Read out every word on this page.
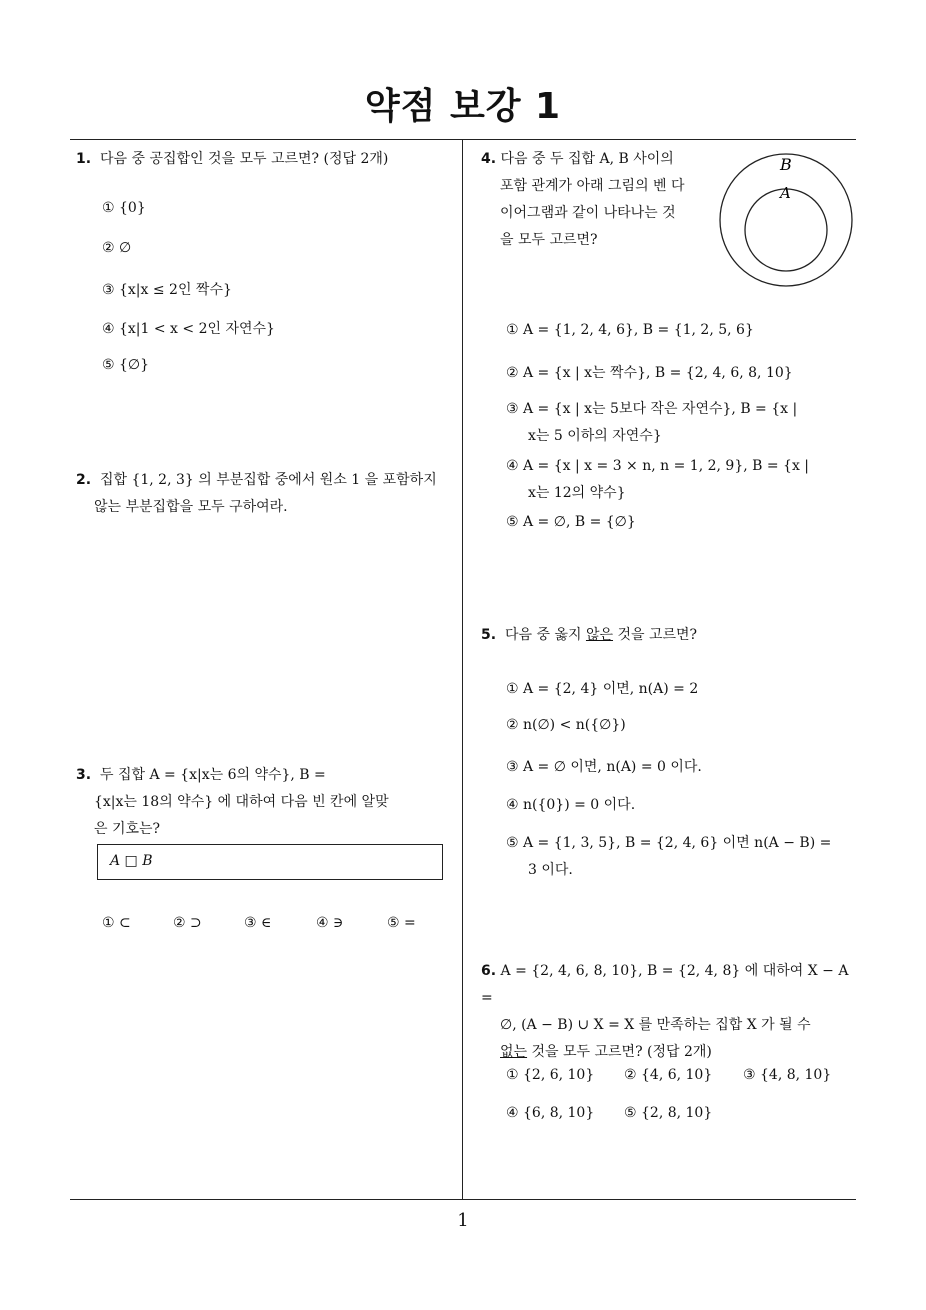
약점 보강 1
1. 다음 중 공집합인 것을 모두 고르면? (정답 2개)
① {0}
② ∅
③ {x|x ≤ 2인 짝수}
④ {x|1 < x < 2인 자연수}
⑤ {∅}
2. 집합 {1, 2, 3} 의 부분집합 중에서 원소 1 을 포함하지
않는 부분집합을 모두 구하여라.
3. 두 집합 A = {x|x는 6의 약수}, B =
{x|x는 18의 약수} 에 대하여 다음 빈 칸에 알맞
은 기호는?
A □ B
① ⊂	② ⊃	③ ∈	④ ∋	⑤ =
4. 다음 중 두 집합 A, B 사이의
포함 관계가 아래 그림의 벤 다
이어그램과 같이 나타나는 것
을 모두 고르면?
B
A
① A = {1, 2, 4, 6}, B = {1, 2, 5, 6}
② A = {x | x는 짝수}, B = {2, 4, 6, 8, 10}
③ A = {x | x는 5보다 작은 자연수}, B = {x |
x는 5 이하의 자연수}
④ A = {x | x = 3 × n, n = 1, 2, 9}, B = {x |
x는 12의 약수}
⑤ A = ∅, B = {∅}
5. 다음 중 옳지 않은 것을 고르면?
① A = {2, 4} 이면, n(A) = 2
② n(∅) < n({∅})
③ A = ∅ 이면, n(A) = 0 이다.
④ n({0}) = 0 이다.
⑤ A = {1, 3, 5}, B = {2, 4, 6} 이면 n(A − B) =
3 이다.
6. A = {2, 4, 6, 8, 10}, B = {2, 4, 8} 에 대하여 X − A =
∅, (A − B) ∪ X = X 를 만족하는 집합 X 가 될 수
없는 것을 모두 고르면? (정답 2개)
① {2, 6, 10} ② {4, 6, 10} ③ {4, 8, 10}
④ {6, 8, 10} ⑤ {2, 8, 10}
1
